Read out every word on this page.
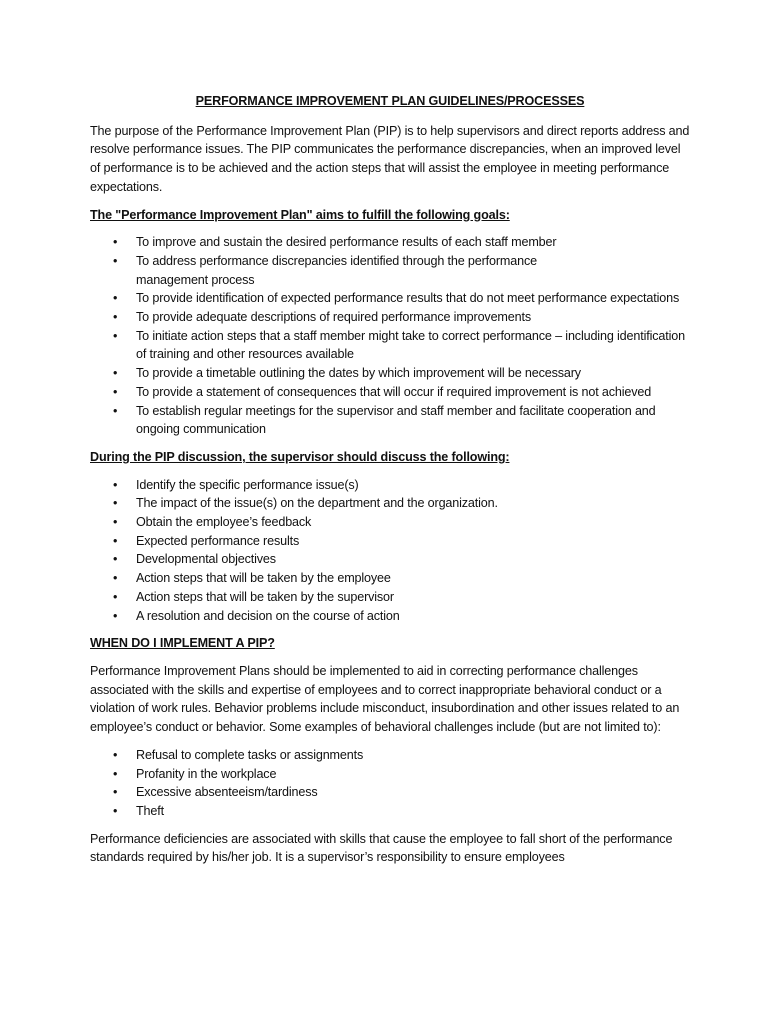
PERFORMANCE IMPROVEMENT PLAN GUIDELINES/PROCESSES

The purpose of the Performance Improvement Plan (PIP) is to help supervisors and direct reports address and resolve performance issues. The PIP communicates the performance discrepancies, when an improved level of performance is to be achieved and the action steps that will assist the employee in meeting performance expectations.

The "Performance Improvement Plan" aims to fulfill the following goals:

• To improve and sustain the desired performance results of each staff member
• To address performance discrepancies identified through the performance management process
• To provide identification of expected performance results that do not meet performance expectations
• To provide adequate descriptions of required performance improvements
• To initiate action steps that a staff member might take to correct performance – including identification of training and other resources available
• To provide a timetable outlining the dates by which improvement will be necessary
• To provide a statement of consequences that will occur if required improvement is not achieved
• To establish regular meetings for the supervisor and staff member and facilitate cooperation and ongoing communication

During the PIP discussion, the supervisor should discuss the following:

• Identify the specific performance issue(s)
• The impact of the issue(s) on the department and the organization.
• Obtain the employee’s feedback
• Expected performance results
• Developmental objectives
• Action steps that will be taken by the employee
• Action steps that will be taken by the supervisor
• A resolution and decision on the course of action

WHEN DO I IMPLEMENT A PIP?

Performance Improvement Plans should be implemented to aid in correcting performance challenges associated with the skills and expertise of employees and to correct inappropriate behavioral conduct or a violation of work rules. Behavior problems include misconduct, insubordination and other issues related to an employee’s conduct or behavior. Some examples of behavioral challenges include (but are not limited to):

• Refusal to complete tasks or assignments
• Profanity in the workplace
• Excessive absenteeism/tardiness
• Theft

Performance deficiencies are associated with skills that cause the employee to fall short of the performance standards required by his/her job. It is a supervisor’s responsibility to ensure employees
